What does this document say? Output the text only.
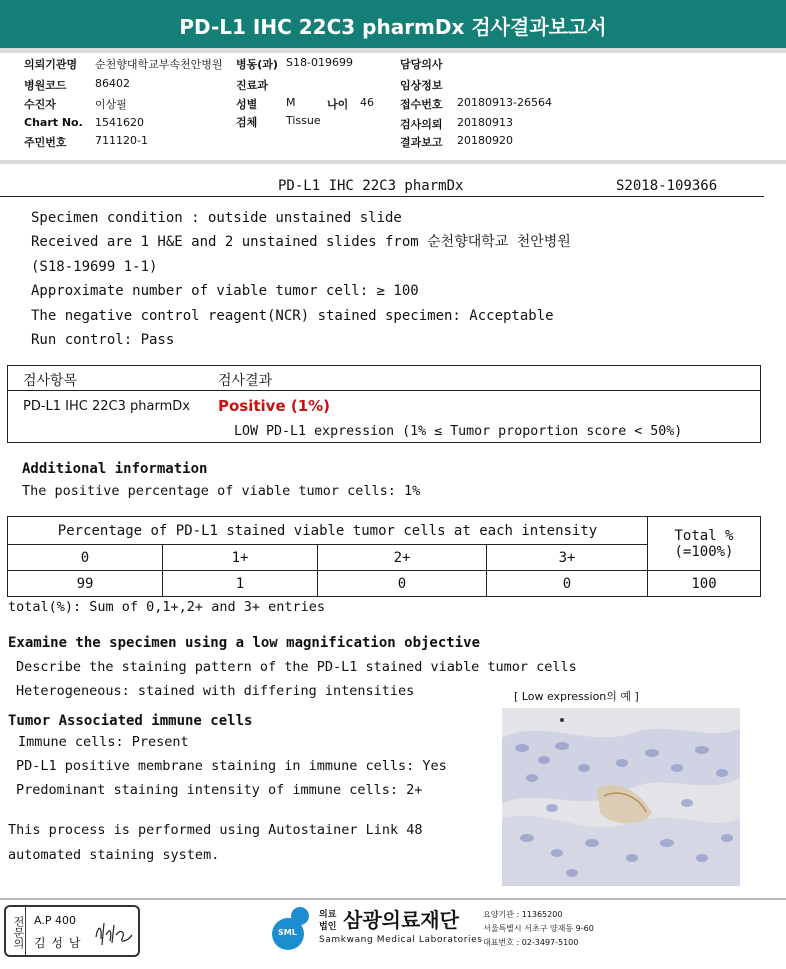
PD-L1 IHC 22C3 pharmDx 검사결과보고서
의뢰기관명 순천향대학교부속천안병원 병동(과) S18-019699	담당의사
병원코드	86402	진료과	임상정보
수진자	이상필	성별	M	나이 46 접수번호 20180913-26564
Chart No. 1541620	검체	Tissue	검사의뢰 20180913
주민번호	711120-1	결과보고 20180920
PD-L1 IHC 22C3 pharmDx	S2018-109366
Specimen condition : outside unstained slide
Received are 1 H&E and 2 unstained slides from 순천향대학교 천안병원
(S18-19699 1-1)
Approximate number of viable tumor cell: ≥ 100
The negative control reagent(NCR) stained specimen: Acceptable
Run control: Pass
검사항목	검사결과
PD-L1 IHC 22C3 pharmDx Positive (1%)
LOW PD-L1 expression (1% ≤ Tumor proportion score < 50%)
Additional information
The positive percentage of viable tumor cells: 1%
Percentage of PD-L1 stained viable tumor cells at each intensity				Total %
(=100%)

0	1+	2+	3+	
99	1	0	0	100
total(%): Sum of 0,1+,2+ and 3+ entries
Examine the specimen using a low magnification objective
Describe the staining pattern of the PD-L1 stained viable tumor cells
Heterogeneous: stained with differing intensities
Tumor Associated immune cells
Immune cells: Present
PD-L1 positive membrane staining in immune cells: Yes
Predominant staining intensity of immune cells: 2+
This process is performed using Autostainer Link 48
automated staining system.
[ Low expression의 예 ]
전문의 A.P 400
김 성 남
SML
의료
법인 삼광의료재단
Samkwang Medical Laboratories
요양기관 : 11365200
서울특별시 서초구 양재동 9-60
대표번호 : 02-3497-5100
